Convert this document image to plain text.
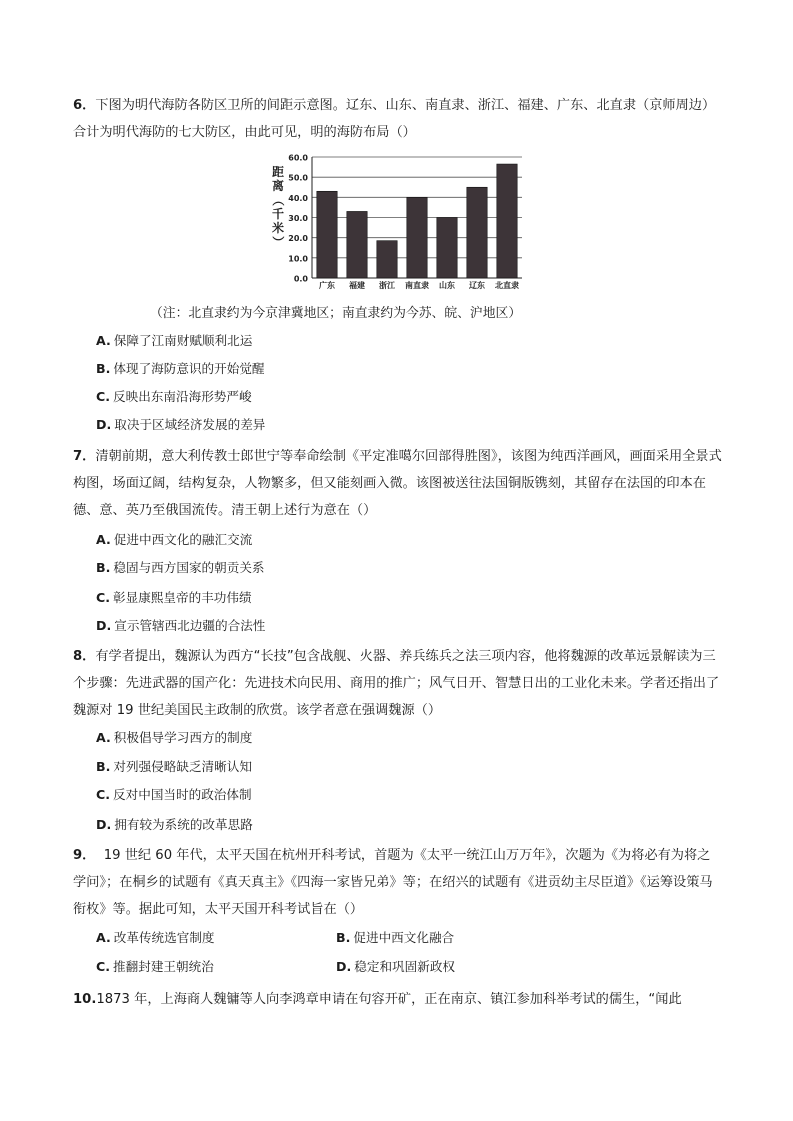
6．下图为明代海防各防区卫所的间距示意图。辽东、山东、南直隶、浙江、福建、广东、北直隶（京师周边）合计为明代海防的七大防区，由此可见，明的海防布局（）
0.0
10.0
20.0
30.0
40.0
50.0
60.0
距
离
（
千
米
）
广东 福建 浙江 南直隶 山东 辽东 北直隶
（注：北直隶约为今京津冀地区；南直隶约为今苏、皖、沪地区）
A. 保障了江南财赋顺利北运
B. 体现了海防意识的开始觉醒
C. 反映出东南沿海形势严峻
D. 取决于区域经济发展的差异
7．清朝前期，意大利传教士郎世宁等奉命绘制《平定准噶尔回部得胜图》，该图为纯西洋画风，画面采用全景式构图，场面辽阔，结构复杂，人物繁多，但又能刻画入微。该图被送往法国铜版镌刻，其留存在法国的印本在德、意、英乃至俄国流传。清王朝上述行为意在（）
A. 促进中西文化的融汇交流
B. 稳固与西方国家的朝贡关系
C. 彰显康熙皇帝的丰功伟绩
D. 宣示管辖西北边疆的合法性
8．有学者提出，魏源认为西方“长技”包含战舰、火器、养兵练兵之法三项内容，他将魏源的改革远景解读为三个步骤：先进武器的国产化：先进技术向民用、商用的推广；风气日开、智慧日出的工业化未来。学者还指出了魏源对 19 世纪美国民主政制的欣赏。该学者意在强调魏源（）
A. 积极倡导学习西方的制度
B. 对列强侵略缺乏清晰认知
C. 反对中国当时的政治体制
D. 拥有较为系统的改革思路
9．  19 世纪 60 年代，太平天国在杭州开科考试，首题为《太平一统江山万万年》，次题为《为将必有为将之学问》；在桐乡的试题有《真天真主》《四海一家皆兄弟》等；在绍兴的试题有《进贡幼主尽臣道》《运筹设策马衔枚》等。据此可知，太平天国开科考试旨在（）
A. 改革传统选官制度	B. 促进中西文化融合
C. 推翻封建王朝统治	D. 稳定和巩固新政权
10.1873 年，上海商人魏镛等人向李鸿章申请在句容开矿，正在南京、镇江参加科举考试的儒生，“闻此
